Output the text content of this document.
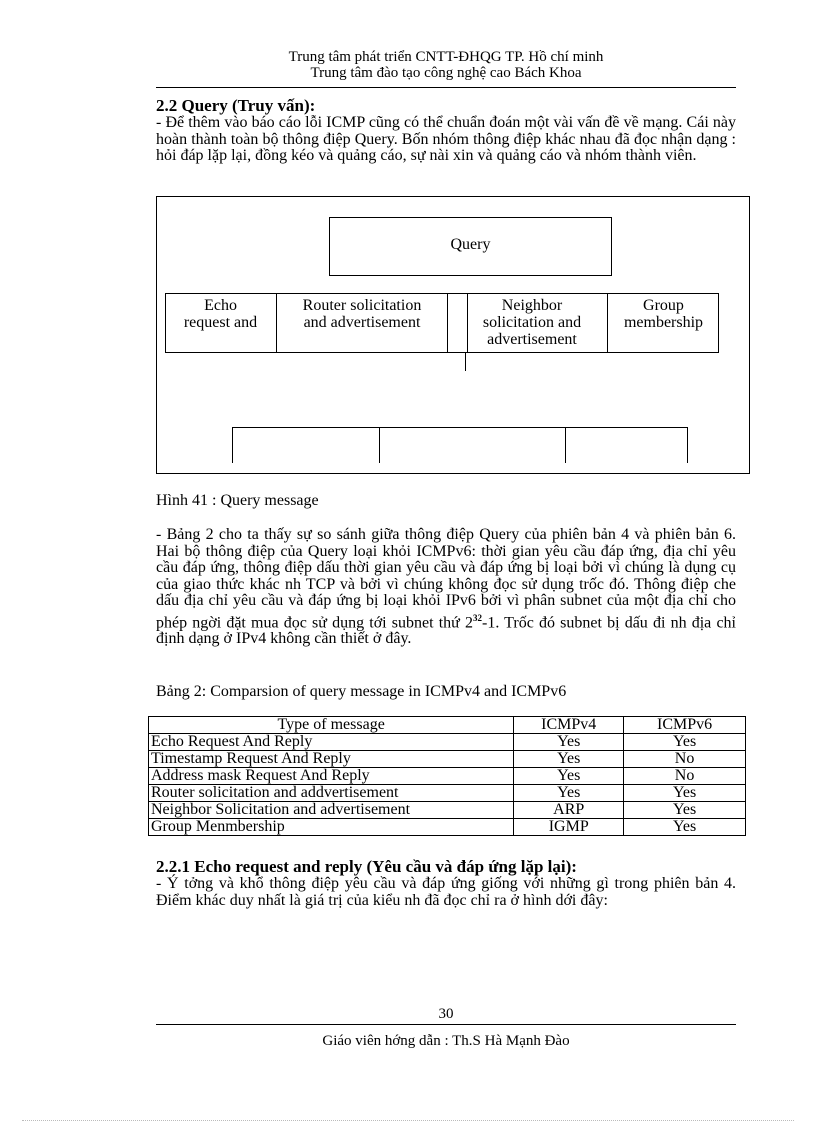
Trung tâm phát triển CNTT-ĐHQG TP. Hồ chí minh
Trung tâm đào tạo công nghệ cao Bách Khoa
2.2 Query (Truy vấn):

- Để thêm vào báo cáo lỗi ICMP cũng có thể chuẩn đoán một vài vấn đề về mạng. Cái này hoàn thành toàn bộ thông điệp Query. Bốn nhóm thông điệp khác nhau đã đọc nhận dạng : hỏi đáp lặp lại, đồng kéo và quảng cáo, sự nài xin và quảng cáo và nhóm thành viên.

Query
Echo
request and
Router solicitation
and advertisement
Neighbor
solicitation and
advertisement
Group
membership
Hình 41 : Query message

- Bảng 2 cho ta thấy sự so sánh giữa thông điệp Query của phiên bản 4 và phiên bản 6. Hai bộ thông điệp của Query loại khỏi ICMPv6: thời gian yêu cầu đáp ứng, địa chỉ yêu cầu đáp ứng, thông điệp dấu thời gian yêu cầu và đáp ứng bị loại bởi vì chúng là dụng cụ của giao thức khác nh TCP và bởi vì chúng không đọc sử dụng trốc đó. Thông điệp che dấu địa chỉ yêu cầu và đáp ứng bị loại khỏi IPv6 bởi vì phân subnet của một địa chỉ cho phép ngời đặt mua đọc sử dụng tới subnet thứ $2^{32}-1$. Trốc đó subnet bị dấu đi nh địa chỉ định dạng ở IPv4 không cần thiết ở đây.

Bảng 2: Comparsion of query message in ICMPv4 and ICMPv6
Type of message	ICMPv4	ICMPv6
Echo Request And Reply	Yes	Yes
Timestamp Request And Reply	Yes	No
Address mask Request And Reply	Yes	No
Router solicitation and addvertisement	Yes	Yes
Neighbor Solicitation and advertisement	ARP	Yes
Group Menmbership	IGMP	Yes
2.2.1 Echo request and reply (Yêu cầu và đáp ứng lặp lại):

- Ý tởng và khổ thông điệp yêu cầu và đáp ứng giống với những gì trong phiên bản 4. Điểm khác duy nhất là giá trị của kiểu nh đã đọc chỉ ra ở hình dới đây:

30
Giáo viên hớng dẫn : Th.S Hà Mạnh Đào
